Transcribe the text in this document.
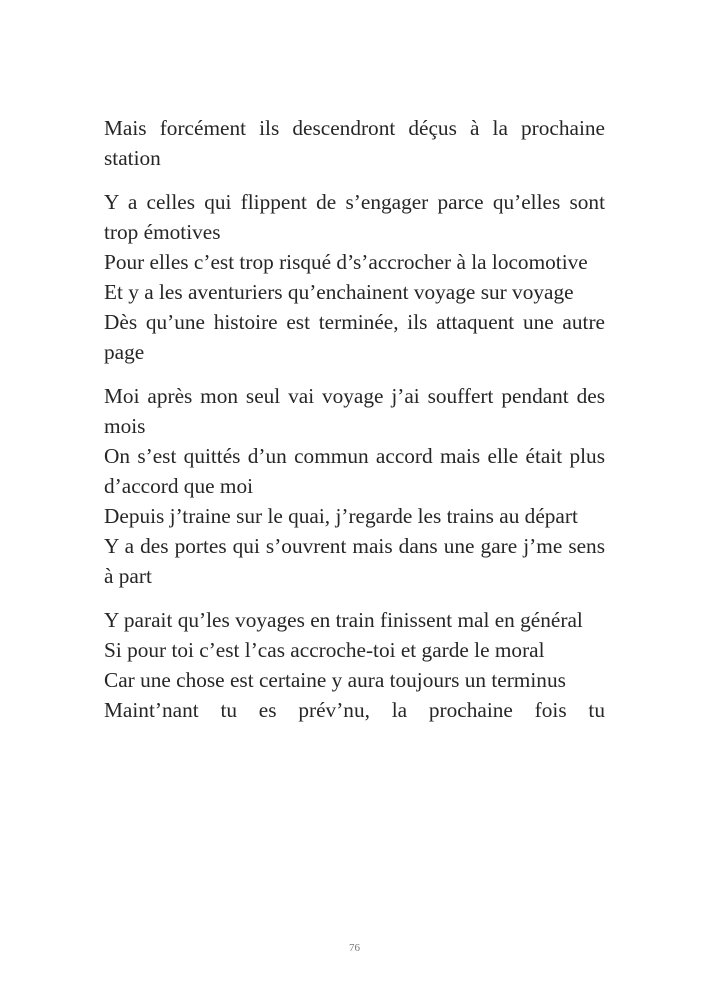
Mais forcément ils descendront déçus à la prochaine station
Y a celles qui flippent de s’engager parce qu’elles sont trop émotives
Pour elles c’est trop risqué d’s’accrocher à la locomotive
Et y a les aventuriers qu’enchainent voyage sur voyage
Dès qu’une histoire est terminée, ils attaquent une autre page
Moi après mon seul vai voyage j’ai souffert pendant des mois
On s’est quittés d’un commun accord mais elle était plus d’accord que moi
Depuis j’traine sur le quai, j’regarde les trains au départ
Y a des portes qui s’ouvrent mais dans une gare j’me sens à part
Y parait qu’les voyages en train finissent mal en général
Si pour toi c’est l’cas accroche-toi et garde le moral
Car une chose est certaine y aura toujours un terminus
Maint’nant tu es prév’nu, la prochaine fois tu
76
